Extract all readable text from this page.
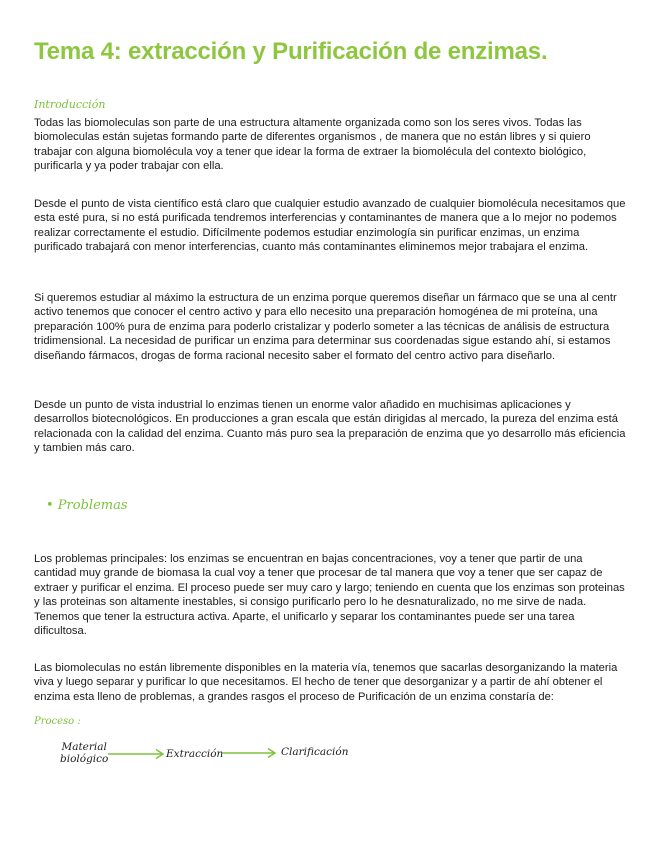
Tema 4: extracción y Purificación de enzimas.
Introducción

Todas las biomoleculas son parte de una estructura altamente organizada como son los seres vivos. Todas las biomoleculas están sujetas formando parte de diferentes organismos , de manera que no están libres y si quiero trabajar con alguna biomolécula voy a tener que idear la forma de extraer la biomolécula del contexto biológico, purificarla y ya poder trabajar con ella.

Desde el punto de vista científico está claro que cualquier estudio avanzado de cualquier biomolécula necesitamos que esta esté pura, si no está purificada tendremos interferencias y contaminantes de manera que a lo mejor no podemos realizar correctamente el estudio. Difícilmente podemos estudiar enzimología sin purificar enzimas, un enzima purificado trabajará con menor interferencias, cuanto más contaminantes eliminemos mejor trabajara el enzima.

Si queremos estudiar al máximo la estructura de un enzima porque queremos diseñar un fármaco que se una al centr activo tenemos que conocer el centro activo y para ello necesito una preparación homogénea de mi proteína, una preparación 100% pura de enzima para poderlo cristalizar y poderlo someter a las técnicas de análisis de estructura tridimensional. La necesidad de purificar un enzima para determinar sus coordenadas sigue estando ahí, si estamos diseñando fármacos, drogas de forma racional necesito saber el formato del centro activo para diseñarlo.

Desde un punto de vista industrial lo enzimas tienen un enorme valor añadido en muchisimas aplicaciones y desarrollos biotecnológicos. En producciones a gran escala que están dirigidas al mercado, la pureza del enzima está relacionada con la calidad del enzima. Cuanto más puro sea la preparación de enzima que yo desarrollo más eficiencia y tambien más caro.

• Problemas

Los problemas principales: los enzimas se encuentran en bajas concentraciones, voy a tener que partir de una cantidad muy grande de biomasa la cual voy a tener que procesar de tal manera que voy a tener que ser capaz de extraer y purificar el enzima. El proceso puede ser muy caro y largo; teniendo en cuenta que los enzimas son proteinas y las proteinas son altamente inestables, si consigo purificarlo pero lo he desnaturalizado, no me sirve de nada. Tenemos que tener la estructura activa. Aparte, el unificarlo y separar los contaminantes puede ser una tarea dificultosa.

Las biomoleculas no están libremente disponibles en la materia vía, tenemos que sacarlas desorganizando la materia viva y luego separar y purificar lo que necesitamos. El hecho de tener que desorganizar y a partir de ahí obtener el enzima esta lleno de problemas, a grandes rasgos el proceso de Purificación de un enzima constaría de:

Proceso :
Material
biológico	Extracción	Clarificación
